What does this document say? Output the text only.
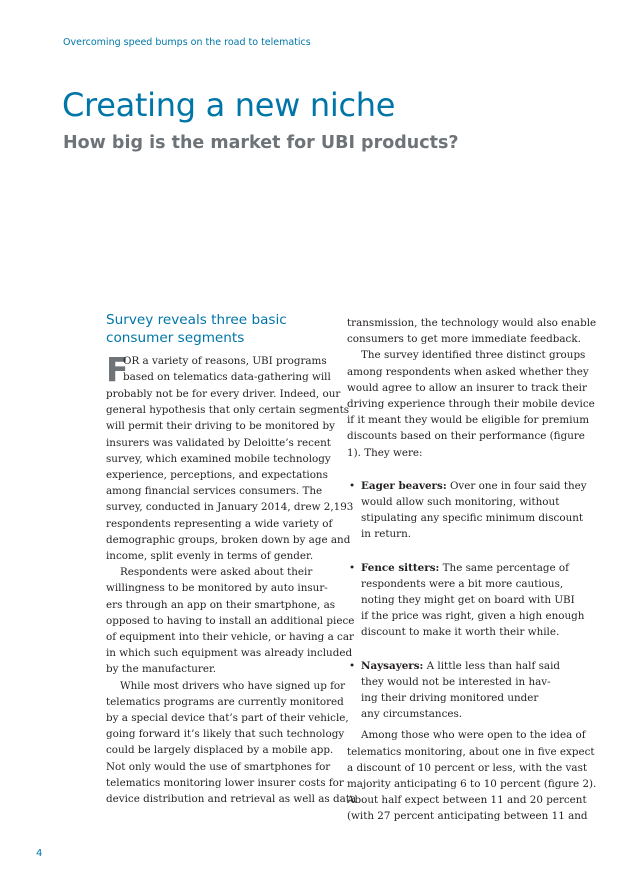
Overcoming speed bumps on the road to telematics
Creating a new niche
How big is the market for UBI products?
Survey reveals three basic
consumer segments
F
OR a variety of reasons, UBI programs
based on telematics data-gathering will
probably not be for every driver. Indeed, our
general hypothesis that only certain segments
will permit their driving to be monitored by
insurers was validated by Deloitte’s recent
survey, which examined mobile technology
experience, perceptions, and expectations
among financial services consumers. The
survey, conducted in January 2014, drew 2,193
respondents representing a wide variety of
demographic groups, broken down by age and
income, split evenly in terms of gender.
Respondents were asked about their
willingness to be monitored by auto insur-
ers through an app on their smartphone, as
opposed to having to install an additional piece
of equipment into their vehicle, or having a car
in which such equipment was already included
by the manufacturer.
While most drivers who have signed up for
telematics programs are currently monitored
by a special device that’s part of their vehicle,
going forward it’s likely that such technology
could be largely displaced by a mobile app.
Not only would the use of smartphones for
telematics monitoring lower insurer costs for
device distribution and retrieval as well as data
transmission, the technology would also enable
consumers to get more immediate feedback.
The survey identified three distinct groups
among respondents when asked whether they
would agree to allow an insurer to track their
driving experience through their mobile device
if it meant they would be eligible for premium
discounts based on their performance (figure
1). They were:
• Eager beavers: Over one in four said they
would allow such monitoring, without
stipulating any specific minimum discount
in return.
• Fence sitters: The same percentage of
respondents were a bit more cautious,
noting they might get on board with UBI
if the price was right, given a high enough
discount to make it worth their while.
• Naysayers: A little less than half said
they would not be interested in hav-
ing their driving monitored under
any circumstances.
Among those who were open to the idea of
telematics monitoring, about one in five expect
a discount of 10 percent or less, with the vast
majority anticipating 6 to 10 percent (figure 2).
About half expect between 11 and 20 percent
(with 27 percent anticipating between 11 and
4
